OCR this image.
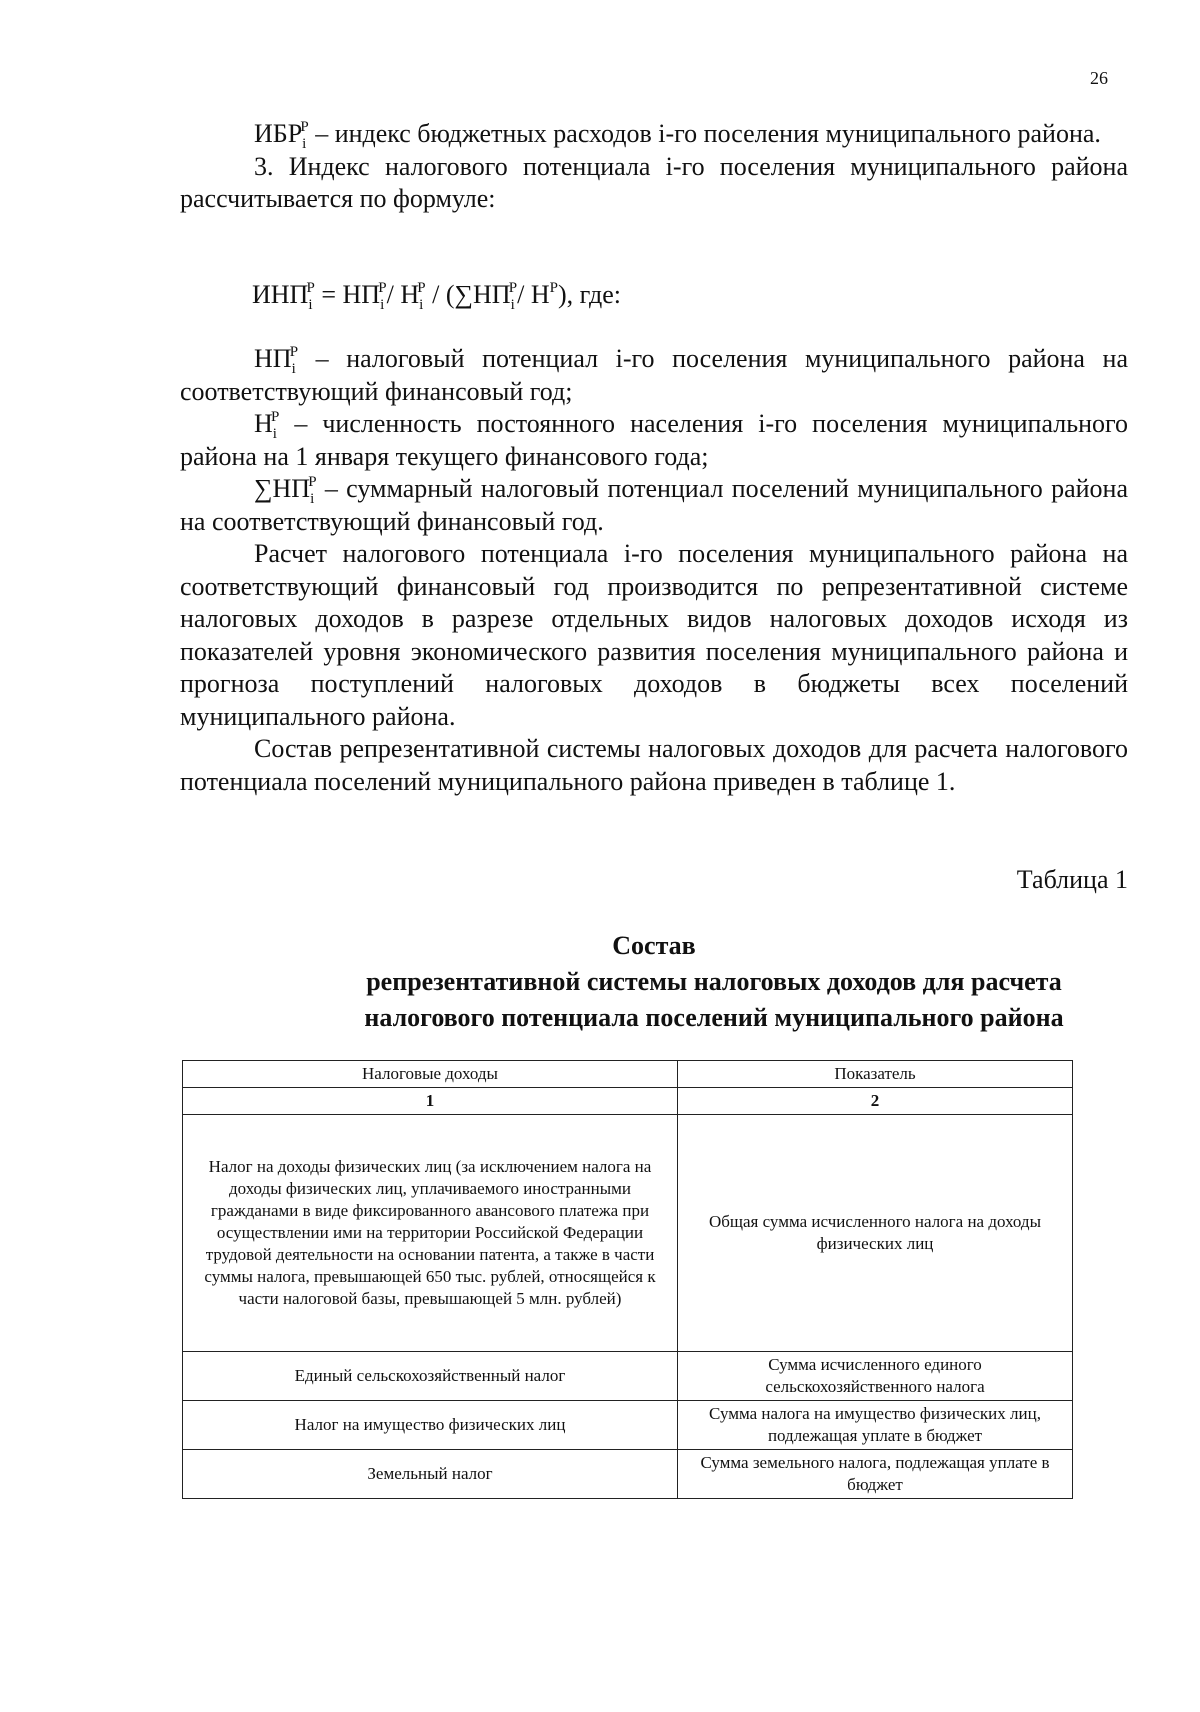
26

$ИБР_i^Р$ – индекс бюджетных расходов i-го поселения муниципального района.

3. Индекс налогового потенциала i-го поселения муниципального района рассчитывается по формуле:

$ИНП_i^Р = НП_i^Р/$ $Н_i^Р / (\sum НП_i^Р/$ $Н^Р$), где:

$НП_i^Р$ – налоговый потенциал i-го поселения муниципального района на соответствующий финансовый год;

$Н_i^Р$ – численность постоянного населения i-го поселения муниципального района на 1 января текущего финансового года;

$\sum НП_i^Р$ – суммарный налоговый потенциал поселений муниципального района на соответствующий финансовый год.

Расчет налогового потенциала i-го поселения муниципального района на соответствующий финансовый год производится по репрезентативной системе налоговых доходов в разрезе отдельных видов налоговых доходов исходя из показателей уровня экономического развития поселения муниципального района и прогноза поступлений налоговых доходов в бюджеты всех поселений муниципального района.

Состав репрезентативной системы налоговых доходов для расчета налогового потенциала поселений муниципального района приведен в таблице 1.

Таблица 1
Состав
репрезентативной системы налоговых доходов для расчета
налогового потенциала поселений муниципального района
Налоговые доходы	Показатель
1	2
Налог на доходы физических лиц (за исключением налога на доходы физических лиц, уплачиваемого иностранными гражданами в виде фиксированного авансового платежа при осуществлении ими на территории Российской Федерации трудовой деятельности на основании патента, а также в части суммы налога, превышающей 650 тыс. рублей, относящейся к части налоговой базы, превышающей 5 млн. рублей)	Общая сумма исчисленного налога на доходы физических лиц
Единый сельскохозяйственный налог	Сумма исчисленного единого сельскохозяйственного налога
Налог на имущество физических лиц	Сумма налога на имущество физических лиц, подлежащая уплате в бюджет
Земельный налог	Сумма земельного налога, подлежащая уплате в бюджет
